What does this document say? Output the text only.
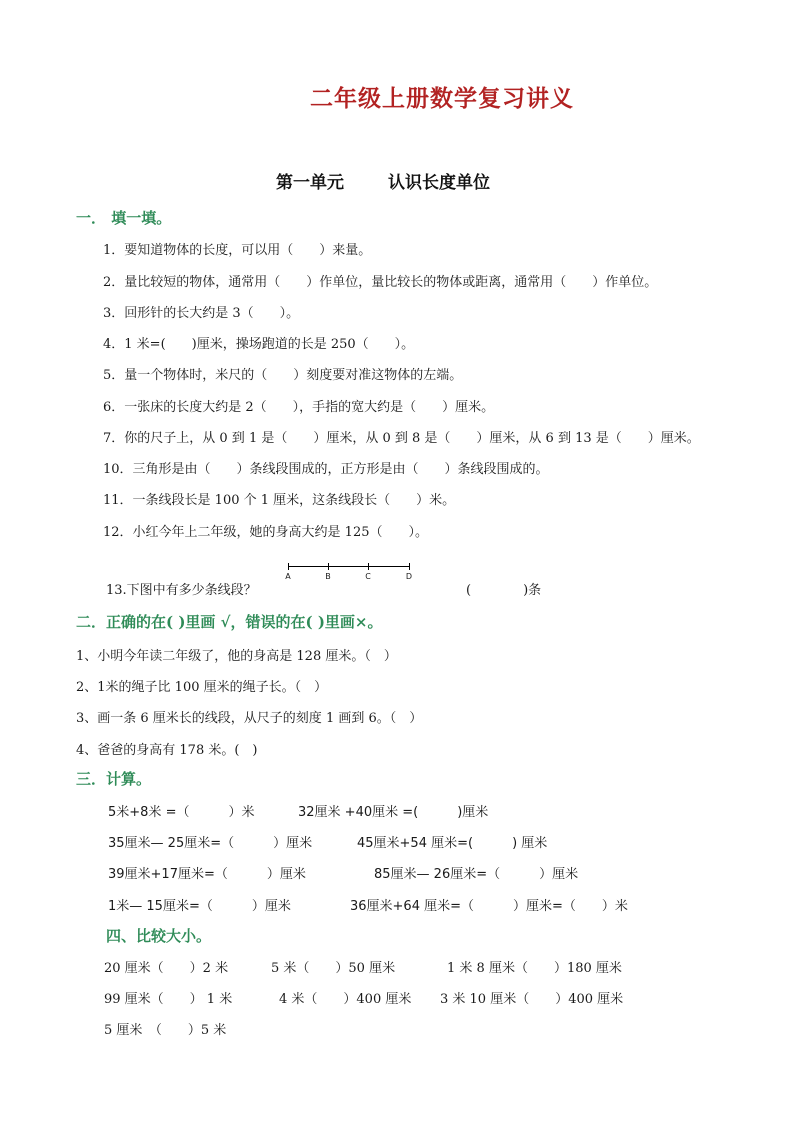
二年级上册数学复习讲义
第一单元	认识长度单位
一． 填一填。
1．要知道物体的长度，可以用（　　）来量。
2．量比较短的物体，通常用（　　）作单位，量比较长的物体或距离，通常用（　　）作单位。
3．回形针的长大约是 3（　　）。
4．1 米=(　　)厘米，操场跑道的长是 250（　　）。
5．量一个物体时，米尺的（　　）刻度要对准这物体的左端。
6．一张床的长度大约是 2（　　），手指的宽大约是（　　）厘米。
7．你的尺子上，从 0 到 1 是（　　）厘米，从 0 到 8 是（　　）厘米，从 6 到 13 是（　　）厘米。
10．三角形是由（　　）条线段围成的，正方形是由（　　）条线段围成的。
11．一条线段长是 100 个 1 厘米，这条线段长（　　）米。
12．小红今年上二年级，她的身高大约是 125（　　）。
13.下图中有多少条线段？
A	B	C	D
(　　　　)条
二．正确的在( )里画 √，错误的在( )里画×。
1、小明今年读二年级了，他的身高是 128 厘米。（　）
2、1米的绳子比 100 厘米的绳子长。（　）
3、画一条 6 厘米长的线段，从尺子的刻度 1 画到 6。（　）
4、爸爸的身高有 178 米。(　)
三．计算。
5米+8米 =（　　　）米	32厘米 +40厘米 =(　　　)厘米
35厘米— 25厘米=（　　　）厘米	45厘米+54 厘米=(　　　) 厘米
39厘米+17厘米=（　　　）厘米	85厘米— 26厘米=（　　　）厘米
1米— 15厘米=（　　　）厘米	36厘米+64 厘米=（　　　）厘米=（　　）米
四、比较大小。
20 厘米（　　）2 米	5 米（　　）50 厘米	1 米 8 厘米（　　）180 厘米
99 厘米（　　） 1 米	4 米（　　）400 厘米 3 米 10 厘米（　　）400 厘米
5 厘米　（　　）5 米
